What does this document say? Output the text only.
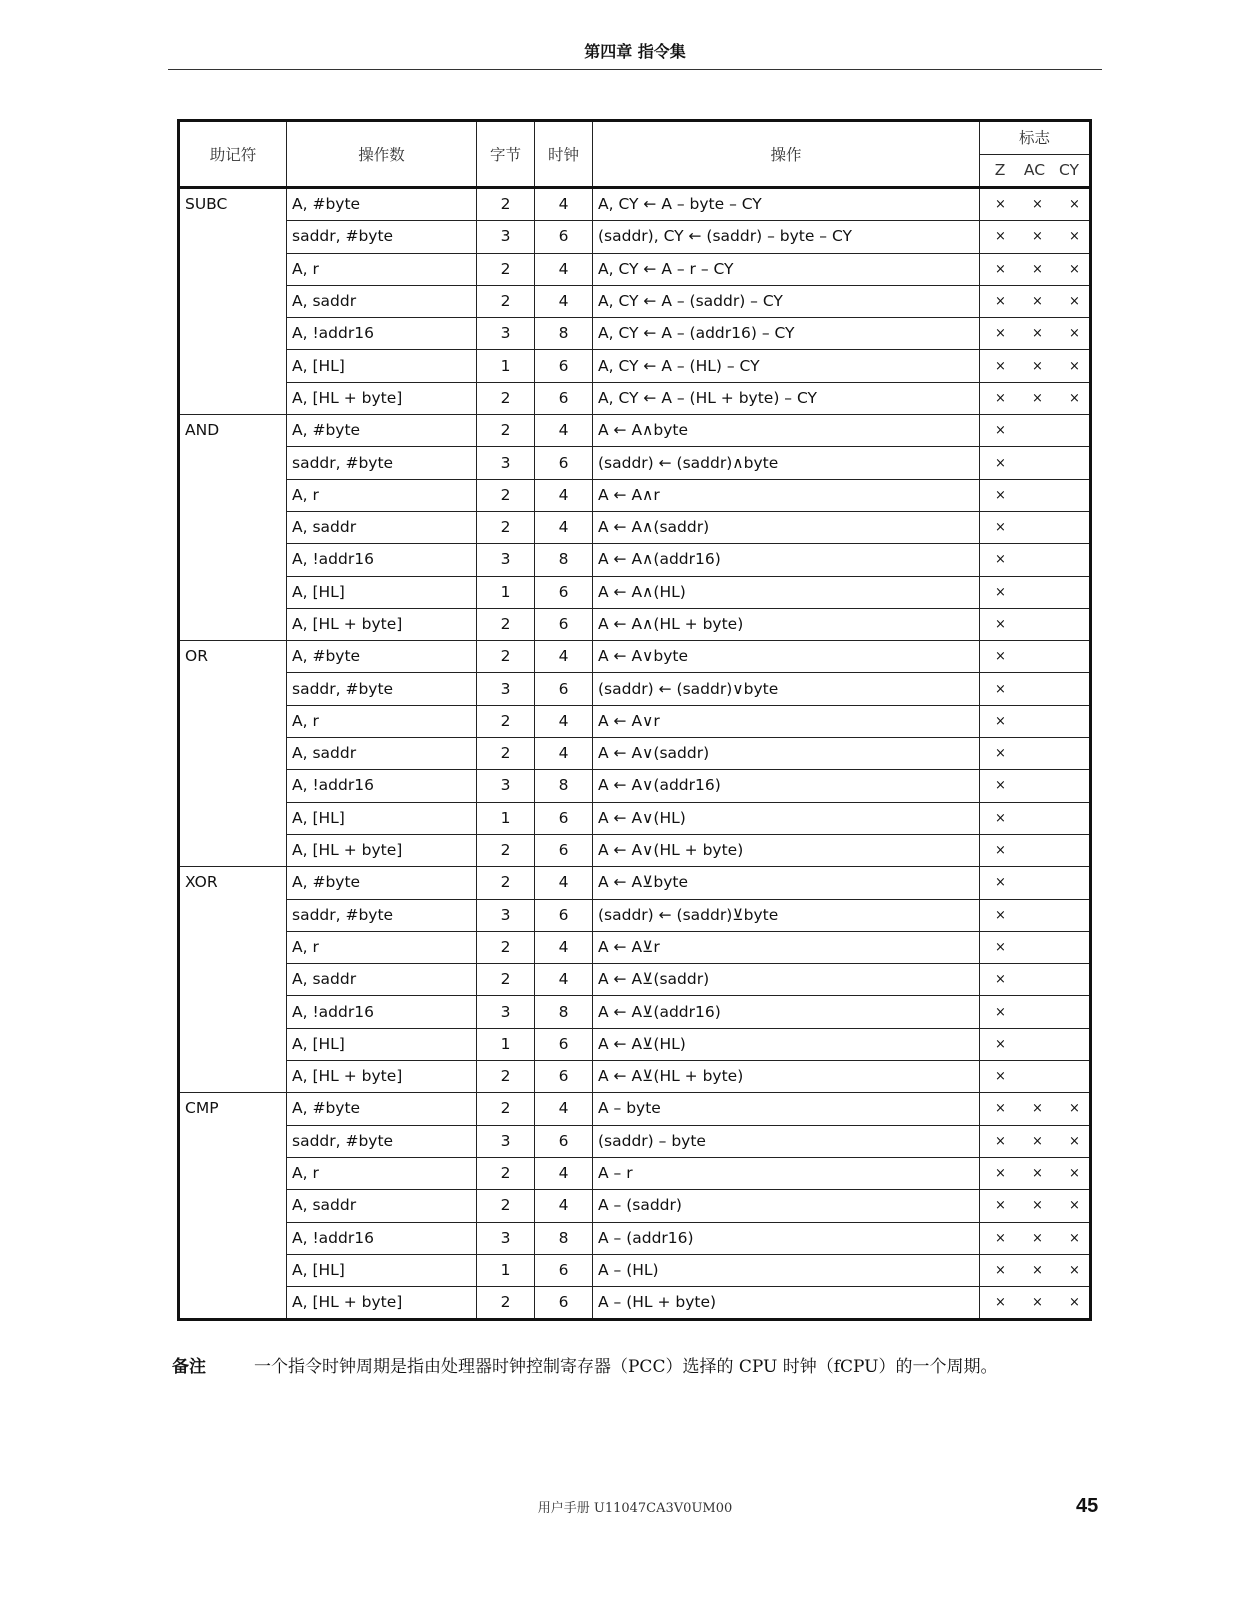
第四章 指令集
助记符	操作数	字节	时钟	操作	标志

					Z AC CY

SUBC	A, #byte	2	4	A, CY ← A – byte – CY	× × ×

	saddr, #byte	3	6	(saddr), CY ← (saddr) – byte – CY	× × ×

	A, r	2	4	A, CY ← A – r – CY	× × ×

	A, saddr	2	4	A, CY ← A – (saddr) – CY	× × ×

	A, !addr16	3	8	A, CY ← A – (addr16) – CY	× × ×

	A, [HL]	1	6	A, CY ← A – (HL) – CY	× × ×

	A, [HL + byte]	2	6	A, CY ← A – (HL + byte) – CY	× × ×

AND	A, #byte	2	4	A ← A∧byte	×

	saddr, #byte	3	6	(saddr) ← (saddr)∧byte	×

	A, r	2	4	A ← A∧r	×

	A, saddr	2	4	A ← A∧(saddr)	×

	A, !addr16	3	8	A ← A∧(addr16)	×

	A, [HL]	1	6	A ← A∧(HL)	×

	A, [HL + byte]	2	6	A ← A∧(HL + byte)	×

OR	A, #byte	2	4	A ← A∨byte	×

	saddr, #byte	3	6	(saddr) ← (saddr)∨byte	×

	A, r	2	4	A ← A∨r	×

	A, saddr	2	4	A ← A∨(saddr)	×

	A, !addr16	3	8	A ← A∨(addr16)	×

	A, [HL]	1	6	A ← A∨(HL)	×

	A, [HL + byte]	2	6	A ← A∨(HL + byte)	×

XOR	A, #byte	2	4	A ← A⊻byte	×

	saddr, #byte	3	6	(saddr) ← (saddr)⊻byte	×

	A, r	2	4	A ← A⊻r	×

	A, saddr	2	4	A ← A⊻(saddr)	×

	A, !addr16	3	8	A ← A⊻(addr16)	×

	A, [HL]	1	6	A ← A⊻(HL)	×

	A, [HL + byte]	2	6	A ← A⊻(HL + byte)	×

CMP	A, #byte	2	4	A – byte	× × ×

	saddr, #byte	3	6	(saddr) – byte	× × ×

	A, r	2	4	A – r	× × ×

	A, saddr	2	4	A – (saddr)	× × ×

	A, !addr16	3	8	A – (addr16)	× × ×

	A, [HL]	1	6	A – (HL)	× × ×

	A, [HL + byte]	2	6	A – (HL + byte)	× × ×
备注	一个指令时钟周期是指由处理器时钟控制寄存器（PCC）选择的 CPU 时钟（fCPU）的一个周期。
用户手册 U11047CA3V0UM00	45
